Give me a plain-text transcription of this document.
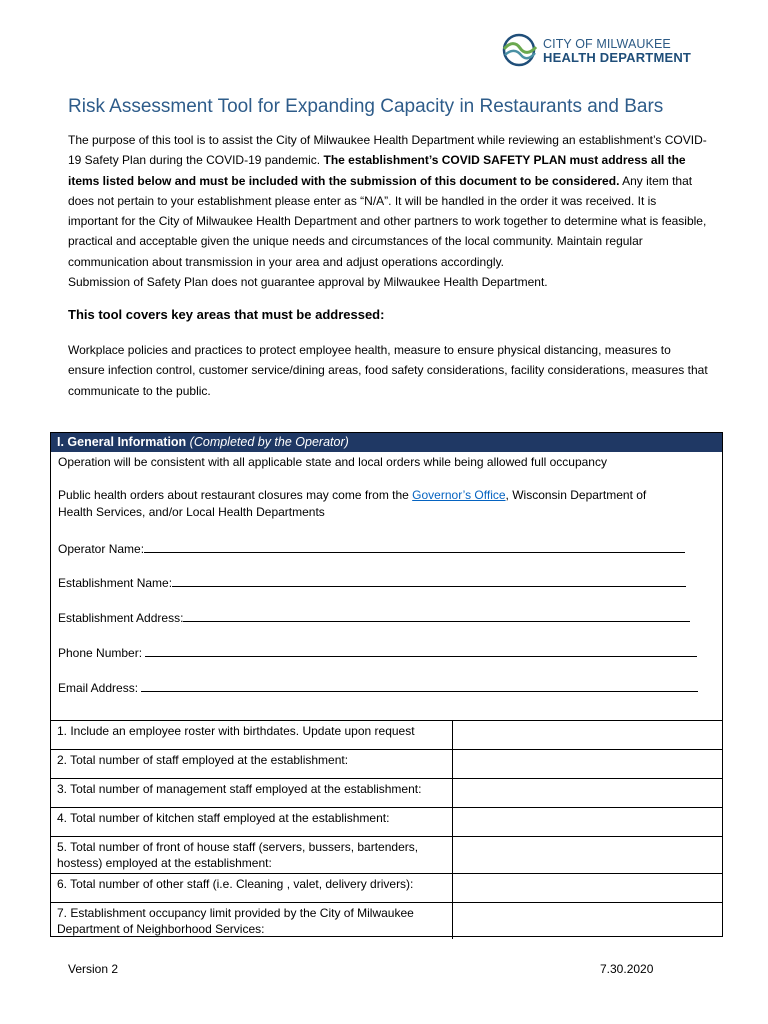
CITY OF MILWAUKEE
HEALTH DEPARTMENT
Risk Assessment Tool for Expanding Capacity in Restaurants and Bars

The purpose of this tool is to assist the City of Milwaukee Health Department while reviewing an establishment’s COVID-19 Safety Plan during the COVID-19 pandemic. The establishment’s COVID SAFETY PLAN must address all the items listed below and must be included with the submission of this document to be considered. Any item that does not pertain to your establishment please enter as “N/A”. It will be handled in the order it was received. It is important for the City of Milwaukee Health Department and other partners to work together to determine what is feasible, practical and acceptable given the unique needs and circumstances of the local community. Maintain regular communication about transmission in your area and adjust operations accordingly.

Submission of Safety Plan does not guarantee approval by Milwaukee Health Department.

This tool covers key areas that must be addressed:
Workplace policies and practices to protect employee health, measure to ensure physical distancing, measures to ensure infection control, customer service/dining areas, food safety considerations, facility considerations, measures that communicate to the public.
I. General Information (Completed by the Operator)
Operation will be consistent with all applicable state and local orders while being allowed full occupancy
Public health orders about restaurant closures may come from the Governor’s Office, Wisconsin Department of
Health Services, and/or Local Health Departments
Operator Name:
Establishment Name:
Establishment Address:
Phone Number:
Email Address:
1. Include an employee roster with birthdates. Update upon request	
2. Total number of staff employed at the establishment:	
3. Total number of management staff employed at the establishment:	
4. Total number of kitchen staff employed at the establishment:	
5. Total number of front of house staff (servers, bussers, bartenders, hostess) employed at the establishment:	
6. Total number of other staff (i.e. Cleaning , valet, delivery drivers):	
7. Establishment occupancy limit provided by the City of Milwaukee Department of Neighborhood Services:	
Version 2	7.30.2020
